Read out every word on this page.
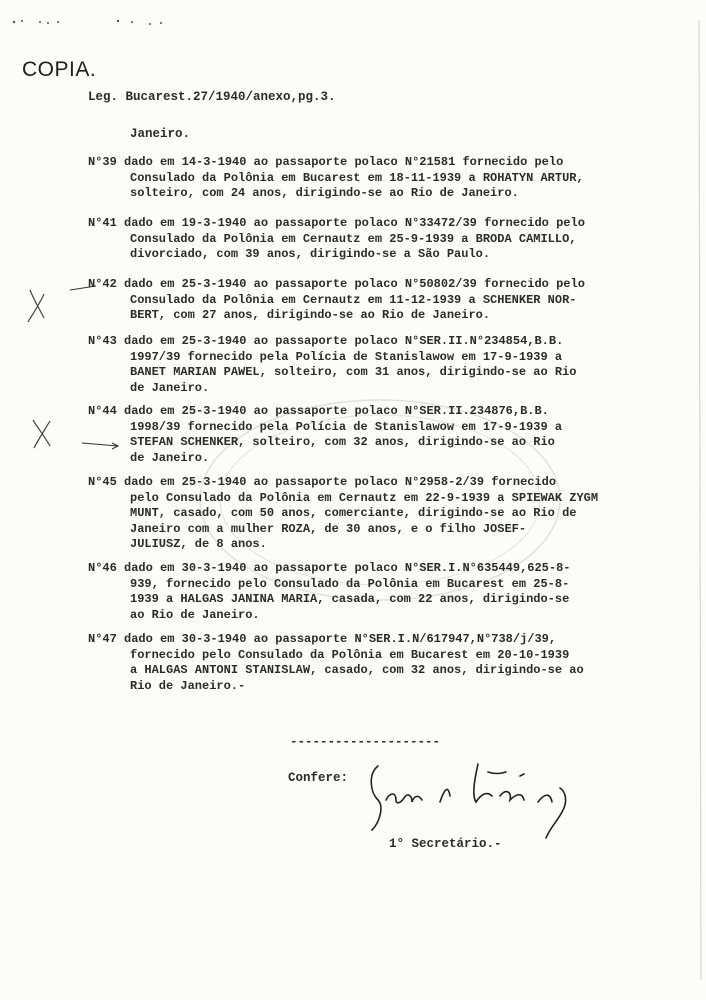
COPIA.
Leg. Bucarest.27/1940/anexo,pg.3.
Janeiro.
N°39 dado em 14-3-1940 ao passaporte polaco N°21581 fornecido pelo
Consulado da Polônia em Bucarest em 18-11-1939 a ROHATYN ARTUR,
solteiro, com 24 anos, dirigindo-se ao Rio de Janeiro.
N°41 dado em 19-3-1940 ao passaporte polaco N°33472/39 fornecido pelo
Consulado da Polônia em Cernautz em 25-9-1939 a BRODA CAMILLO,
divorciado, com 39 anos, dirigindo-se a São Paulo.
N°42 dado em 25-3-1940 ao passaporte polaco N°50802/39 fornecido pelo
Consulado da Polônia em Cernautz em 11-12-1939 a SCHENKER NOR-
BERT, com 27 anos, dirigindo-se ao Rio de Janeiro.
N°43 dado em 25-3-1940 ao passaporte polaco N°SER.II.N°234854,B.B.
1997/39 fornecido pela Polícia de Stanislawow em 17-9-1939 a
BANET MARIAN PAWEL, solteiro, com 31 anos, dirigindo-se ao Rio
de Janeiro.
N°44 dado em 25-3-1940 ao passaporte polaco N°SER.II.234876,B.B.
1998/39 fornecido pela Polícia de Stanislawow em 17-9-1939 a
STEFAN SCHENKER, solteiro, com 32 anos, dirigindo-se ao Rio
de Janeiro.
N°45 dado em 25-3-1940 ao passaporte polaco N°2958-2/39 fornecido
pelo Consulado da Polônia em Cernautz em 22-9-1939 a SPIEWAK ZYGM
MUNT, casado, com 50 anos, comerciante, dirigindo-se ao Rio de
Janeiro com a mulher ROZA, de 30 anos, e o filho JOSEF-
JULIUSZ, de 8 anos.
N°46 dado em 30-3-1940 ao passaporte polaco N°SER.I.N°635449,625-8-
939, fornecido pelo Consulado da Polônia em Bucarest em 25-8-
1939 a HALGAS JANINA MARIA, casada, com 22 anos, dirigindo-se
ao Rio de Janeiro.
N°47 dado em 30-3-1940 ao passaporte N°SER.I.N/617947,N°738/j/39,
fornecido pelo Consulado da Polônia em Bucarest em 20-10-1939
a HALGAS ANTONI STANISLAW, casado, com 32 anos, dirigindo-se ao
Rio de Janeiro.-
--------------------
Confere:
1° Secretário.-
